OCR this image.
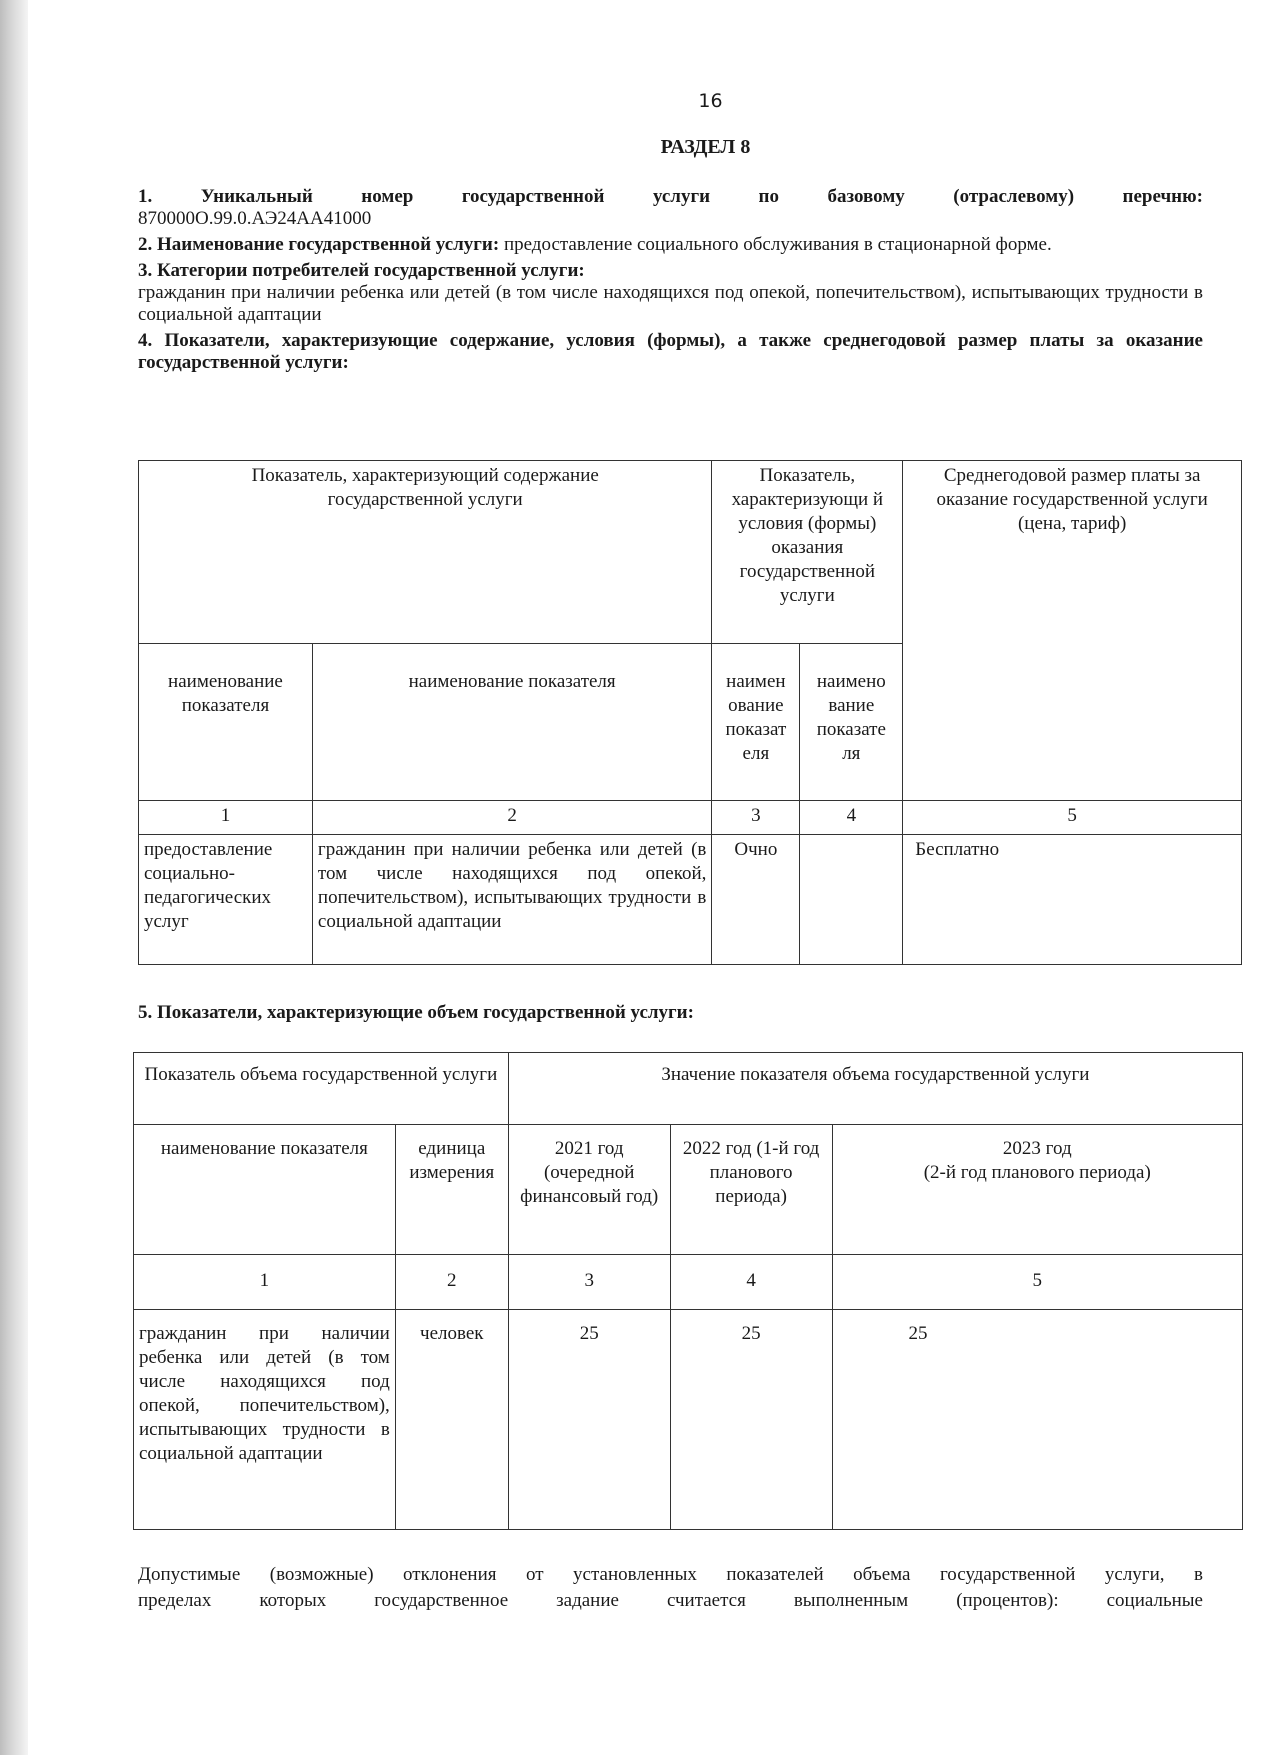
16
РАЗДЕЛ 8
1.	Уникальный	номер	государственной	услуги	по	базовому	(отраслевому)	перечню:
870000О.99.0.АЭ24АА41000
2. Наименование государственной услуги: предоставление социального обслуживания в стационарной форме.
3. Категории потребителей государственной услуги:
гражданин при наличии ребенка или детей (в том числе находящихся под опекой, попечительством), испытывающих трудности в социальной адаптации
4. Показатели, характеризующие содержание, условия (формы), а также среднегодовой размер платы за оказание государственной услуги:
Показатель, характеризующий содержание государственной услуги		Показатель, характеризующи й условия (формы) оказания государственной услуги		Среднегодовой размер платы за оказание государственной услуги (цена, тариф)
наименование показателя	наименование показателя	наимен ование показат еля	наимено вание показате ля	
1	2	3	4	5
предоставление социально-педагогических услуг	гражданин при наличии ребенка или детей (в том числе находящихся под опекой, попечительством), испытывающих трудности в социальной адаптации	Очно		Бесплатно
5. Показатели, характеризующие объем государственной услуги:
Показатель объема государственной услуги		Значение показателя объема государственной услуги		
наименование показателя	единица измерения	2021 год (очередной финансовый год)	2022 год (1-й год планового периода)	2023 год
(2-й год планового периода)

1	2	3	4	5
гражданин при наличии ребенка или детей (в том числе находящихся под опекой, попечительством), испытывающих трудности в социальной адаптации	человек	25	25	25
Допустимые (возможные) отклонения от установленных показателей объема государственной услуги, в
пределах которых государственное задание считается выполненным (процентов): социальные
